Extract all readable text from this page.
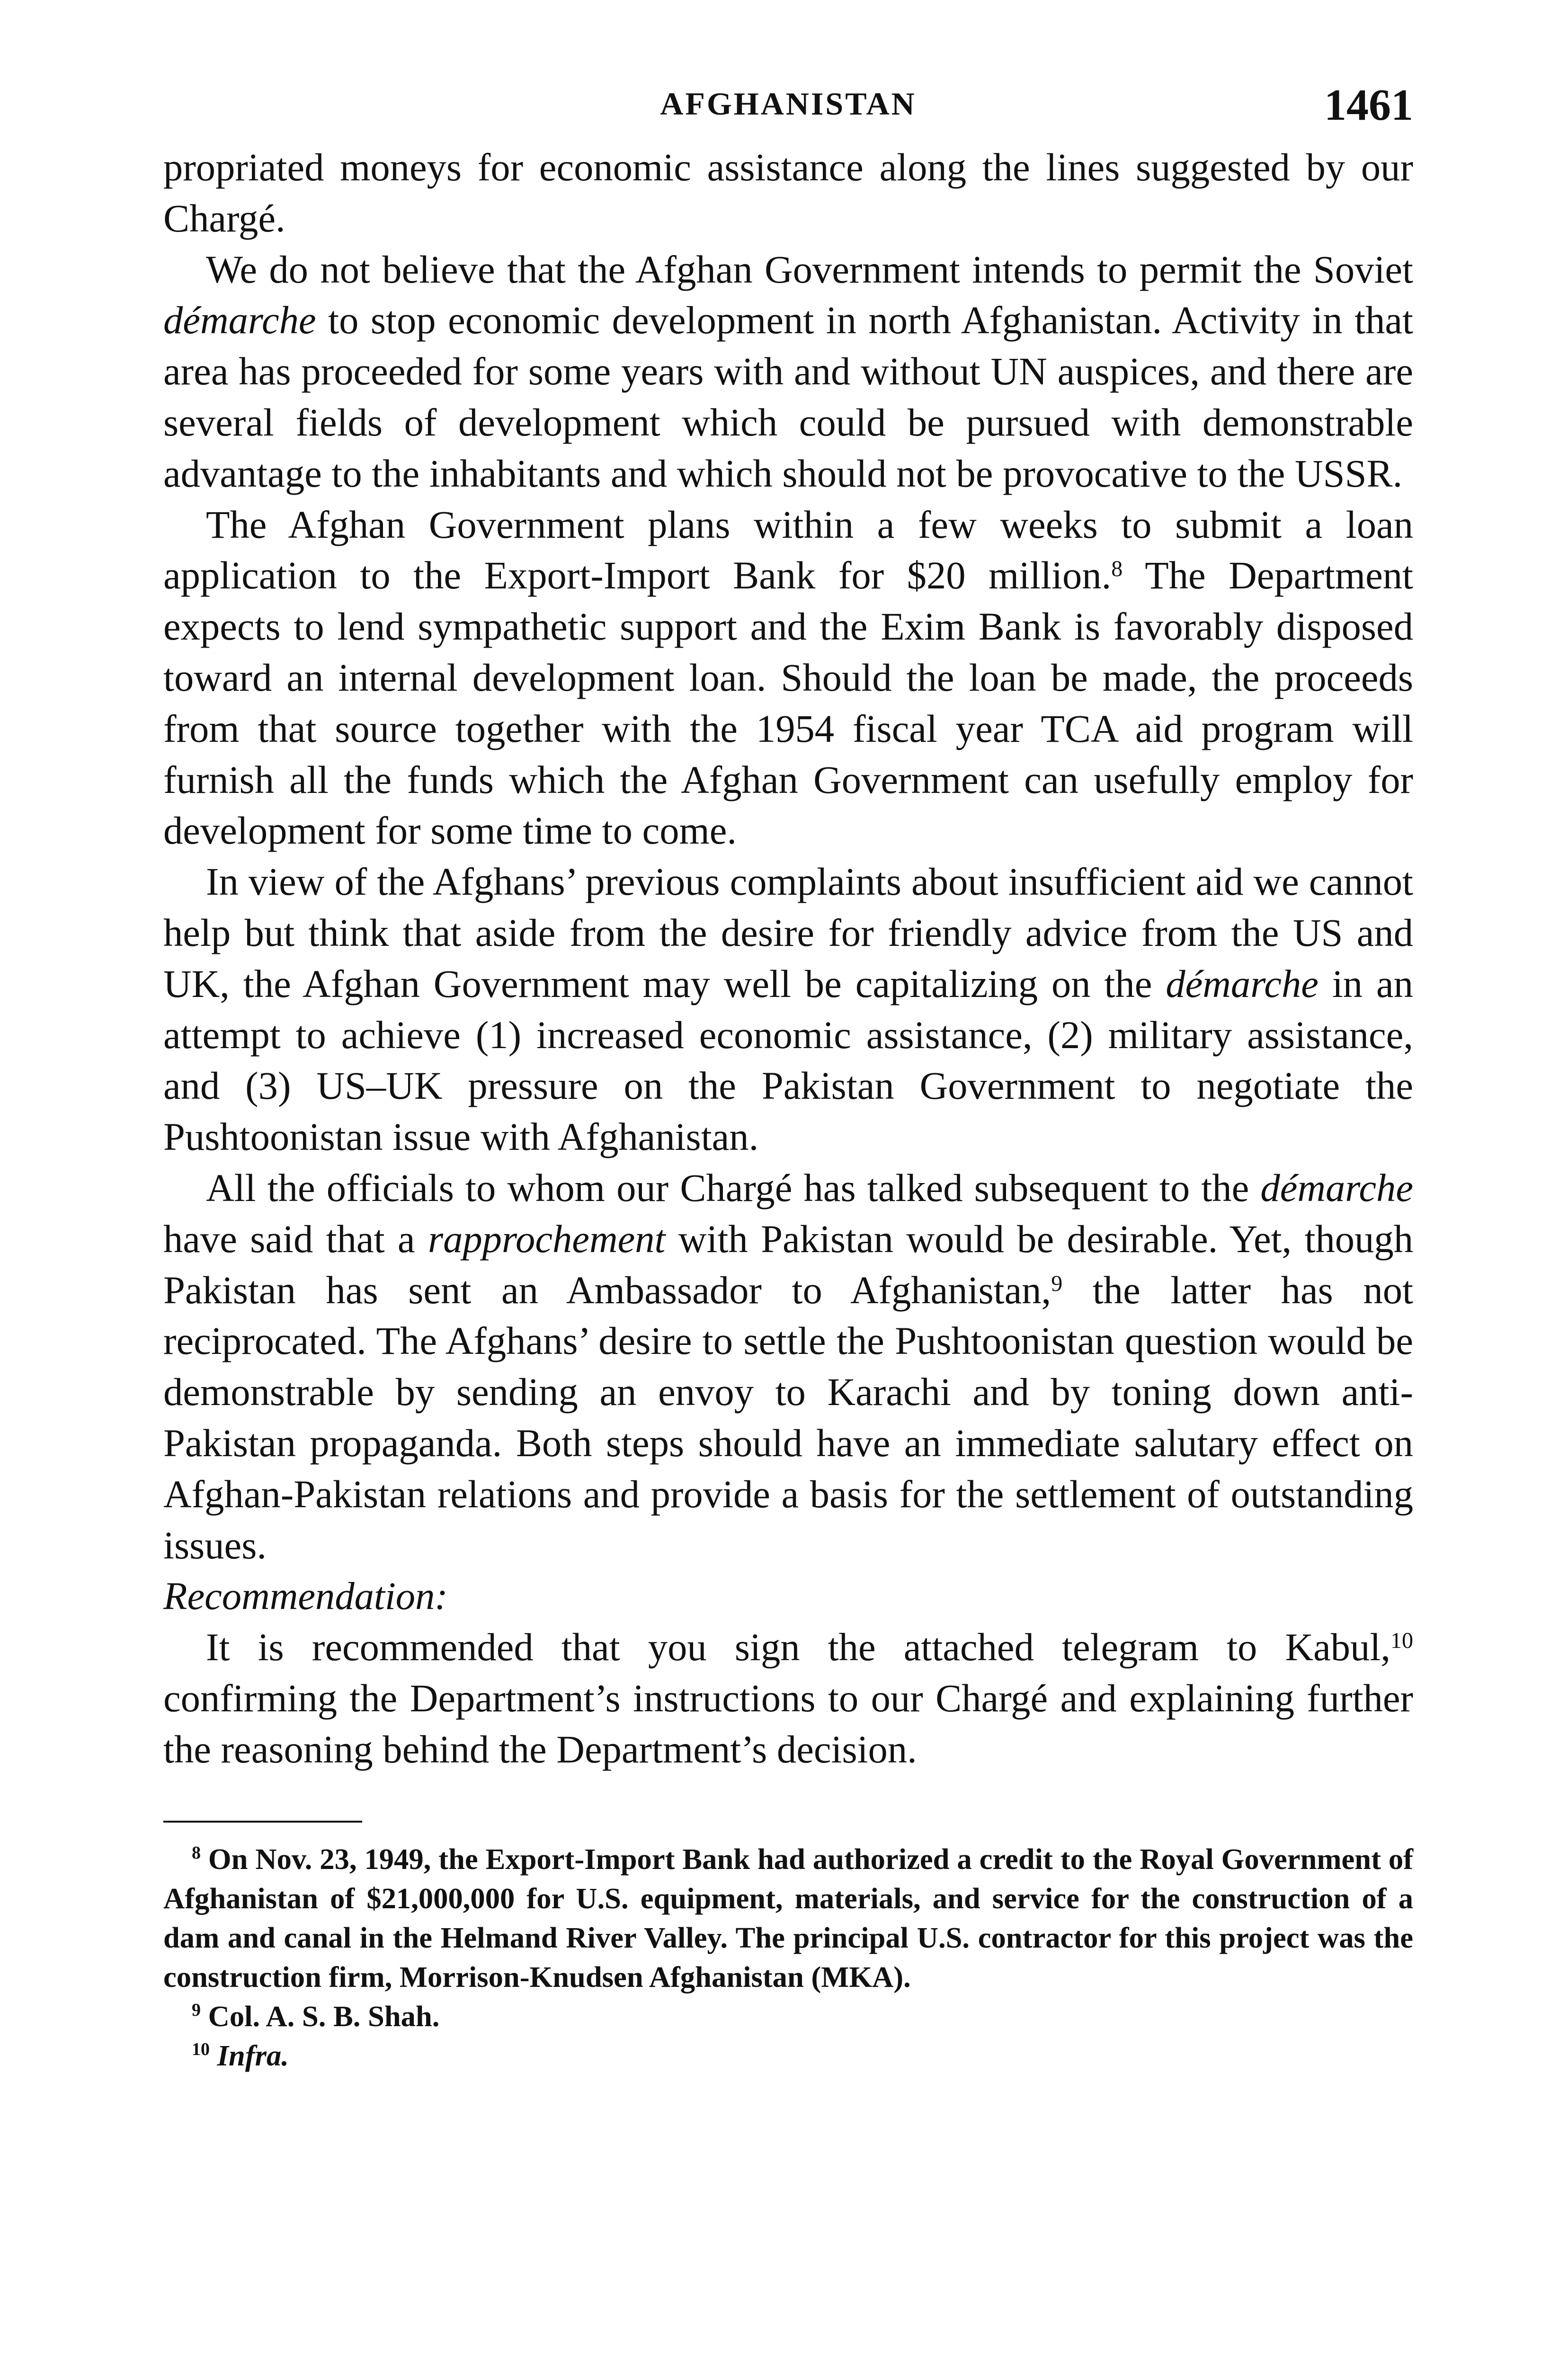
AFGHANISTAN	1461

propriated moneys for economic assistance along the lines suggested by our Chargé.

We do not believe that the Afghan Government intends to permit the Soviet démarche to stop economic development in north Afghanistan. Activity in that area has proceeded for some years with and without UN auspices, and there are several fields of development which could be pursued with demonstrable advantage to the inhabitants and which should not be provocative to the USSR.

The Afghan Government plans within a few weeks to submit a loan application to the Export-Import Bank for $20 million.$^8$ The Department expects to lend sympathetic support and the Exim Bank is favorably disposed toward an internal development loan. Should the loan be made, the proceeds from that source together with the 1954 fiscal year TCA aid program will furnish all the funds which the Afghan Government can usefully employ for development for some time to come.

In view of the Afghans’ previous complaints about insufficient aid we cannot help but think that aside from the desire for friendly advice from the US and UK, the Afghan Government may well be capitalizing on the démarche in an attempt to achieve (1) increased economic assistance, (2) military assistance, and (3) US–UK pressure on the Pakistan Government to negotiate the Pushtoonistan issue with Afghanistan.

All the officials to whom our Chargé has talked subsequent to the démarche have said that a rapprochement with Pakistan would be desirable. Yet, though Pakistan has sent an Ambassador to Afghanistan,$^9$ the latter has not reciprocated. The Afghans’ desire to settle the Pushtoonistan question would be demonstrable by sending an envoy to Karachi and by toning down anti-Pakistan propaganda. Both steps should have an immediate salutary effect on Afghan-Pakistan relations and provide a basis for the settlement of outstanding issues.

Recommendation:

It is recommended that you sign the attached telegram to Kabul,$^{10}$ confirming the Department’s instructions to our Chargé and explaining further the reasoning behind the Department’s decision.

$^8$ On Nov. 23, 1949, the Export-Import Bank had authorized a credit to the Royal Government of Afghanistan of $21,000,000 for U.S. equipment, materials, and service for the construction of a dam and canal in the Helmand River Valley. The principal U.S. contractor for this project was the construction firm, Morrison-Knudsen Afghanistan (MKA).

$^9$ Col. A. S. B. Shah.

$^{10}$ Infra.
